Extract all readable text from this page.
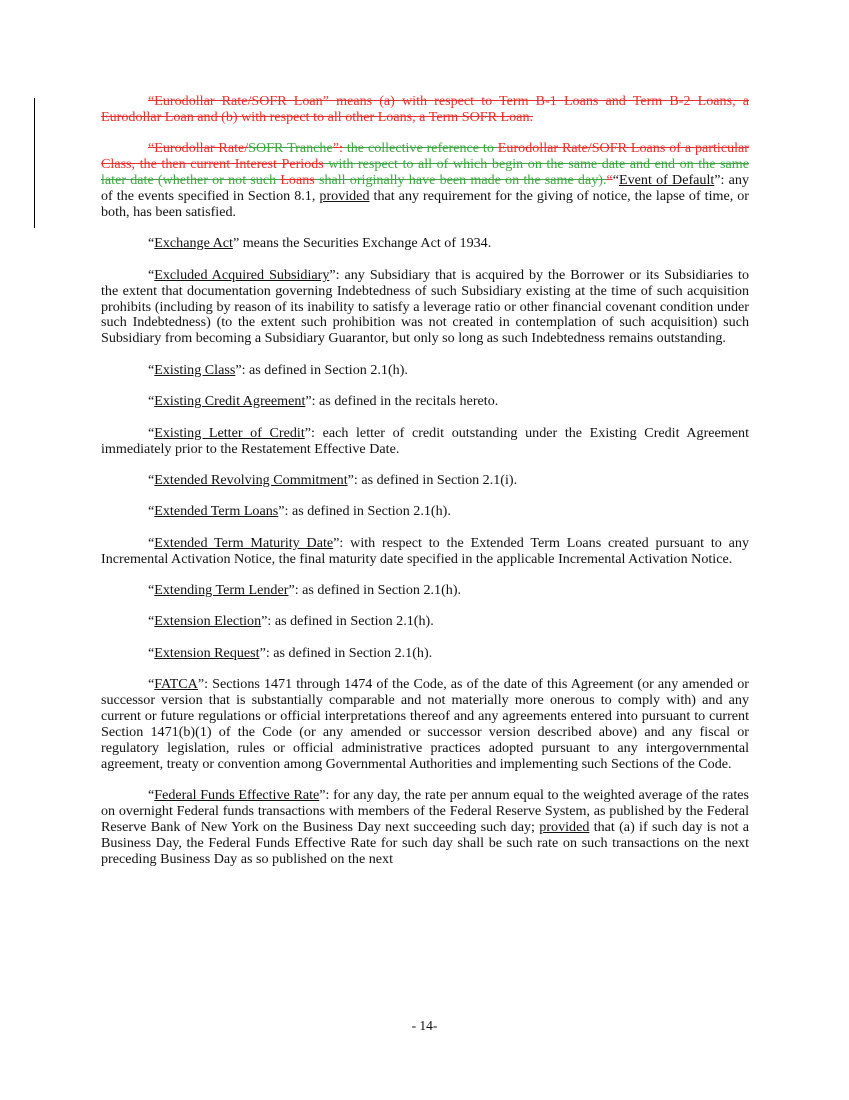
“Eurodollar Rate/SOFR Loan” means (a) with respect to Term B-1 Loans and Term B-2 Loans, a Eurodollar Loan and (b) with respect to all other Loans, a Term SOFR Loan.

“Eurodollar Rate/SOFR Tranche”: the collective reference to Eurodollar Rate/SOFR Loans of a particular Class, the then current Interest Periods with respect to all of which begin on the same date and end on the same later date (whether or not such Loans shall originally have been made on the same day).““Event of Default”: any of the events specified in Section 8.1, provided that any requirement for the giving of notice, the lapse of time, or both, has been satisfied.

“Exchange Act” means the Securities Exchange Act of 1934.

“Excluded Acquired Subsidiary”: any Subsidiary that is acquired by the Borrower or its Subsidiaries to the extent that documentation governing Indebtedness of such Subsidiary existing at the time of such acquisition prohibits (including by reason of its inability to satisfy a leverage ratio or other financial covenant condition under such Indebtedness) (to the extent such prohibition was not created in contemplation of such acquisition) such Subsidiary from becoming a Subsidiary Guarantor, but only so long as such Indebtedness remains outstanding.

“Existing Class”: as defined in Section 2.1(h).

“Existing Credit Agreement”: as defined in the recitals hereto.

“Existing Letter of Credit”: each letter of credit outstanding under the Existing Credit Agreement immediately prior to the Restatement Effective Date.

“Extended Revolving Commitment”: as defined in Section 2.1(i).

“Extended Term Loans”: as defined in Section 2.1(h).

“Extended Term Maturity Date”: with respect to the Extended Term Loans created pursuant to any Incremental Activation Notice, the final maturity date specified in the applicable Incremental Activation Notice.

“Extending Term Lender”: as defined in Section 2.1(h).

“Extension Election”: as defined in Section 2.1(h).

“Extension Request”: as defined in Section 2.1(h).

“FATCA”: Sections 1471 through 1474 of the Code, as of the date of this Agreement (or any amended or successor version that is substantially comparable and not materially more onerous to comply with) and any current or future regulations or official interpretations thereof and any agreements entered into pursuant to current Section 1471(b)(1) of the Code (or any amended or successor version described above) and any fiscal or regulatory legislation, rules or official administrative practices adopted pursuant to any intergovernmental agreement, treaty or convention among Governmental Authorities and implementing such Sections of the Code.

“Federal Funds Effective Rate”: for any day, the rate per annum equal to the weighted average of the rates on overnight Federal funds transactions with members of the Federal Reserve System, as published by the Federal Reserve Bank of New York on the Business Day next succeeding such day; provided that (a) if such day is not a Business Day, the Federal Funds Effective Rate for such day shall be such rate on such transactions on the next preceding Business Day as so published on the next

- 14-
